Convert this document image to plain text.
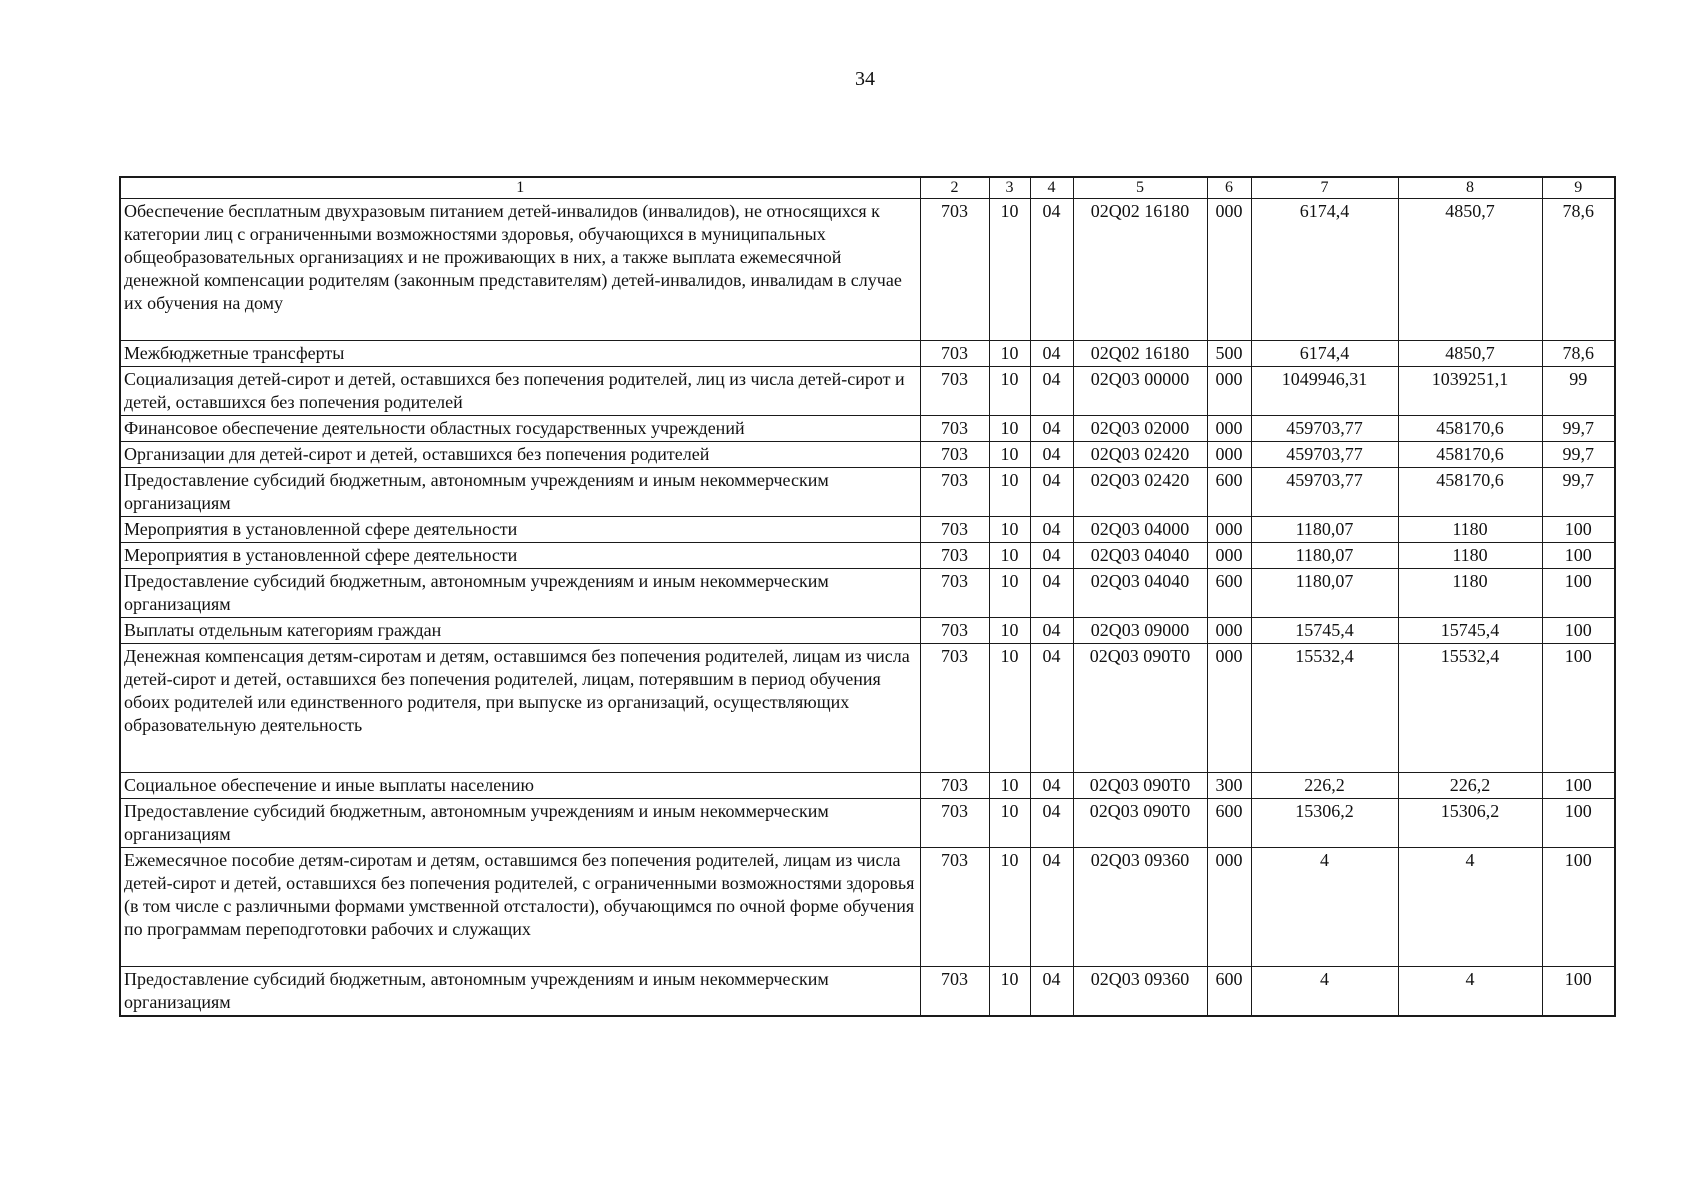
34
1	2	3	4	5	6	7	8	9
Обеспечение бесплатным двухразовым питанием детей-инвалидов (инвалидов), не относящихся к категории лиц с ограниченными возможностями здоровья, обучающихся в муниципальных общеобразовательных организациях и не проживающих в них, а также выплата ежемесячной денежной компенсации родителям (законным представителям) детей-инвалидов, инвалидам в случае их обучения на дому	703	10	04	02Q02 16180	000	6174,4	4850,7	78,6
Межбюджетные трансферты	703	10	04	02Q02 16180	500	6174,4	4850,7	78,6
Социализация детей-сирот и детей, оставшихся без попечения родителей, лиц из числа детей-сирот и детей, оставшихся без попечения родителей	703	10	04	02Q03 00000	000	1049946,31	1039251,1	99
Финансовое обеспечение деятельности областных государственных учреждений	703	10	04	02Q03 02000	000	459703,77	458170,6	99,7
Организации для детей-сирот и детей, оставшихся без попечения родителей	703	10	04	02Q03 02420	000	459703,77	458170,6	99,7
Предоставление субсидий бюджетным, автономным учреждениям и иным некоммерческим организациям	703	10	04	02Q03 02420	600	459703,77	458170,6	99,7
Мероприятия в установленной сфере деятельности	703	10	04	02Q03 04000	000	1180,07	1180	100
Мероприятия в установленной сфере деятельности	703	10	04	02Q03 04040	000	1180,07	1180	100
Предоставление субсидий бюджетным, автономным учреждениям и иным некоммерческим организациям	703	10	04	02Q03 04040	600	1180,07	1180	100
Выплаты отдельным категориям граждан	703	10	04	02Q03 09000	000	15745,4	15745,4	100
Денежная компенсация детям-сиротам и детям, оставшимся без попечения родителей, лицам из числа детей-сирот и детей, оставшихся без попечения родителей, лицам, потерявшим в период обучения обоих родителей или единственного родителя, при выпуске из организаций, осуществляющих образовательную деятельность	703	10	04	02Q03 090T0	000	15532,4	15532,4	100
Социальное обеспечение и иные выплаты населению	703	10	04	02Q03 090T0	300	226,2	226,2	100
Предоставление субсидий бюджетным, автономным учреждениям и иным некоммерческим организациям	703	10	04	02Q03 090T0	600	15306,2	15306,2	100
Ежемесячное пособие детям-сиротам и детям, оставшимся без попечения родителей, лицам из числа детей-сирот и детей, оставшихся без попечения родителей, с ограниченными возможностями здоровья (в том числе с различными формами умственной отсталости), обучающимся по очной форме обучения по программам переподготовки рабочих и служащих	703	10	04	02Q03 09360	000	4	4	100
Предоставление субсидий бюджетным, автономным учреждениям и иным некоммерческим организациям	703	10	04	02Q03 09360	600	4	4	100
